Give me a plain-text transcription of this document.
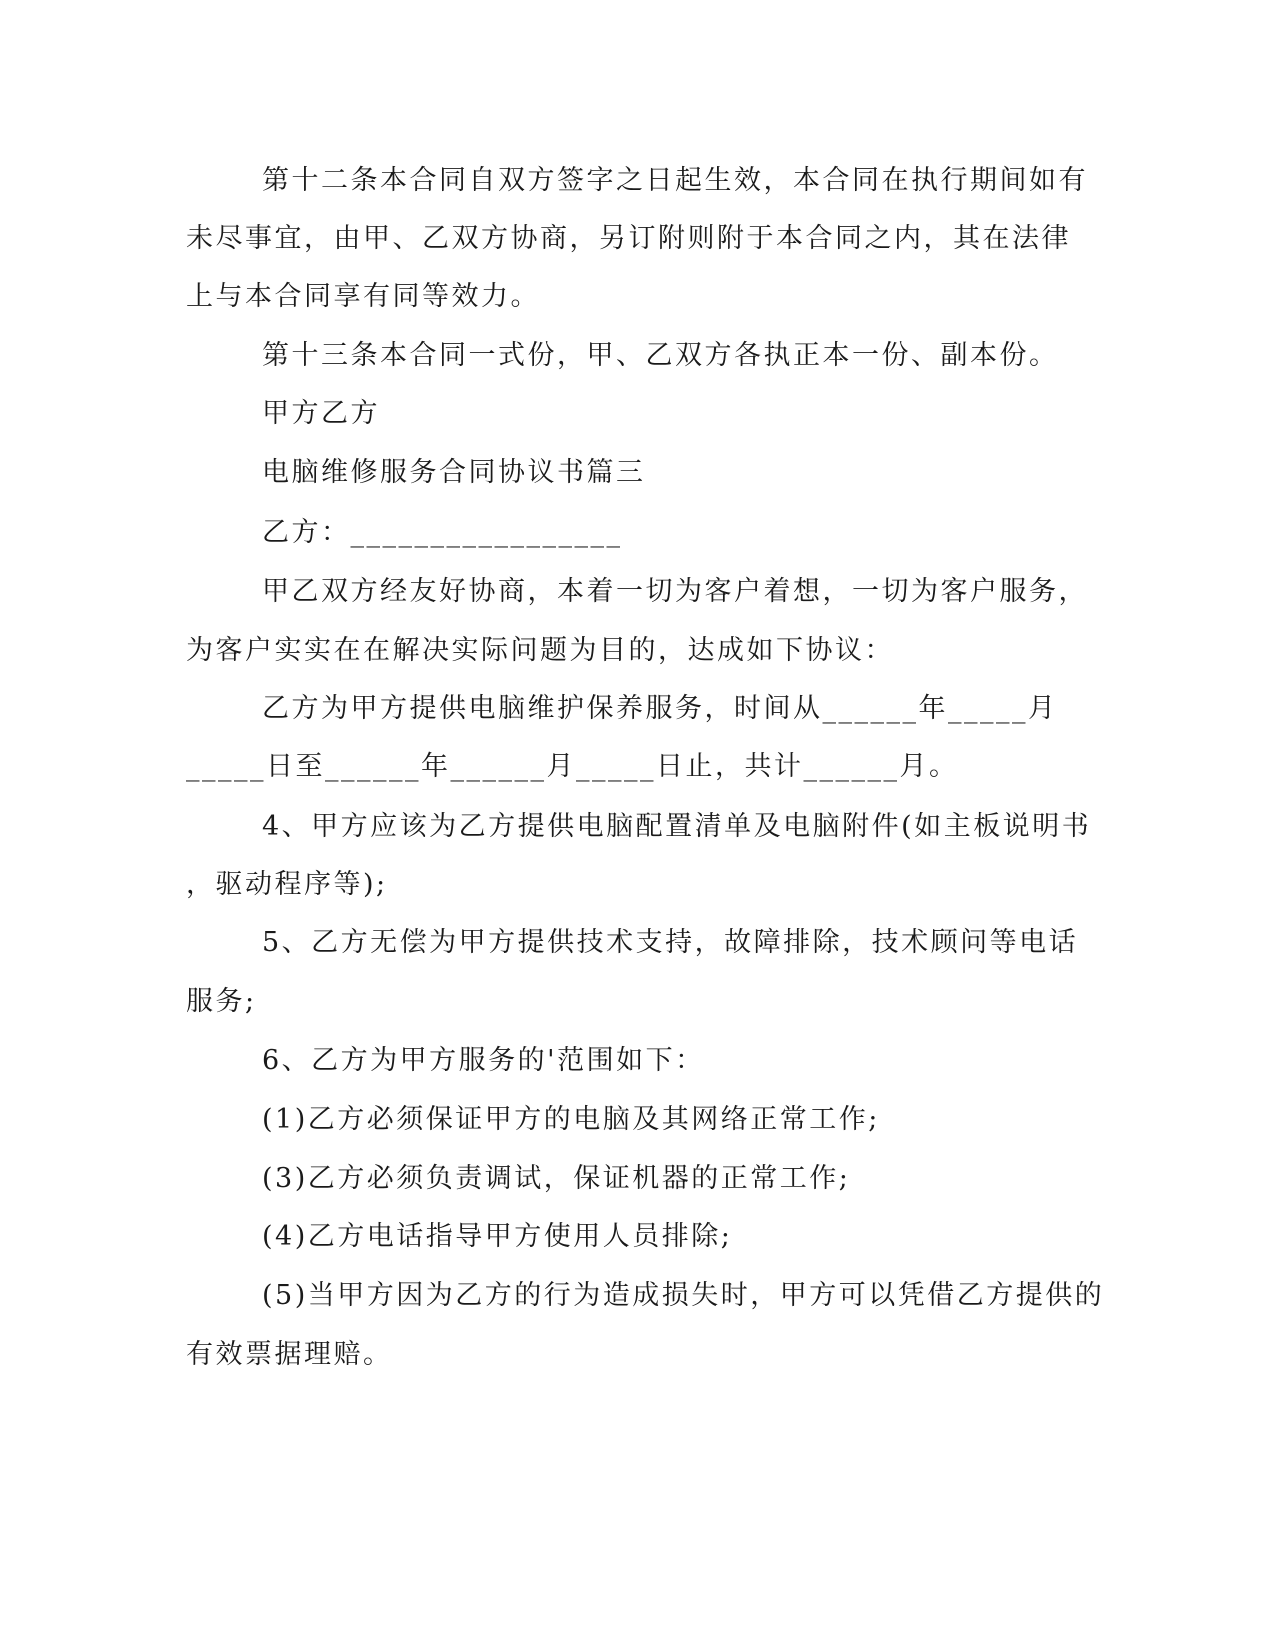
第十二条本合同自双方签字之日起生效，本合同在执行期间如有
未尽事宜，由甲、乙双方协商，另订附则附于本合同之内，其在法律
上与本合同享有同等效力。
第十三条本合同一式份，甲、乙双方各执正本一份、副本份。
甲方乙方
电脑维修服务合同协议书篇三
乙方：_________________
甲乙双方经友好协商，本着一切为客户着想，一切为客户服务，
为客户实实在在解决实际问题为目的，达成如下协议：
乙方为甲方提供电脑维护保养服务，时间从______年_____月
_____日至______年______月_____日止，共计______月。
4、甲方应该为乙方提供电脑配置清单及电脑附件(如主板说明书
，驱动程序等);
5、乙方无偿为甲方提供技术支持，故障排除，技术顾问等电话
服务;
6、乙方为甲方服务的'范围如下：
(1)乙方必须保证甲方的电脑及其网络正常工作;
(3)乙方必须负责调试，保证机器的正常工作;
(4)乙方电话指导甲方使用人员排除;
(5)当甲方因为乙方的行为造成损失时，甲方可以凭借乙方提供的
有效票据理赔。
